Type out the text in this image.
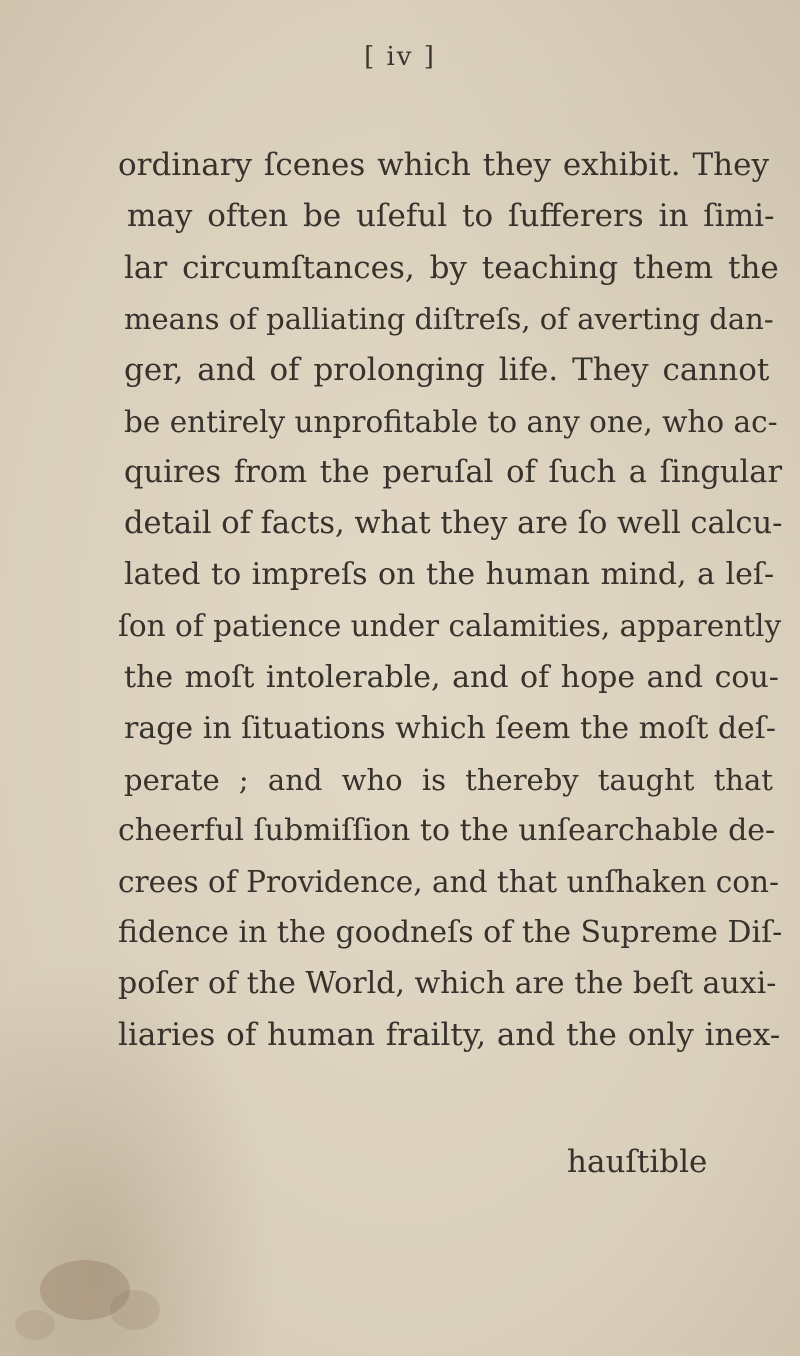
[ iv ]
ordinary ſcenes which they exhibit. They
may often be uſeful to ſufferers in ſimi-
lar circumſtances, by teaching them the
means of palliating diſtreſs, of averting dan-
ger, and of prolonging life. They cannot
be entirely unprofitable to any one, who ac-
quires from the peruſal of ſuch a ſingular
detail of facts, what they are ſo well calcu-
lated to impreſs on the human mind, a leſ-
ſon of patience under calamities, apparently
the moſt intolerable, and of hope and cou-
rage in ſituations which ſeem the moſt deſ-
perate ; and who is thereby taught that
cheerful ſubmiſſion to the unſearchable de-
crees of Providence, and that unſhaken con-
fidence in the goodneſs of the Supreme Diſ-
poſer of the World, which are the beſt auxi-
liaries of human frailty, and the only inex-
hauſtible
